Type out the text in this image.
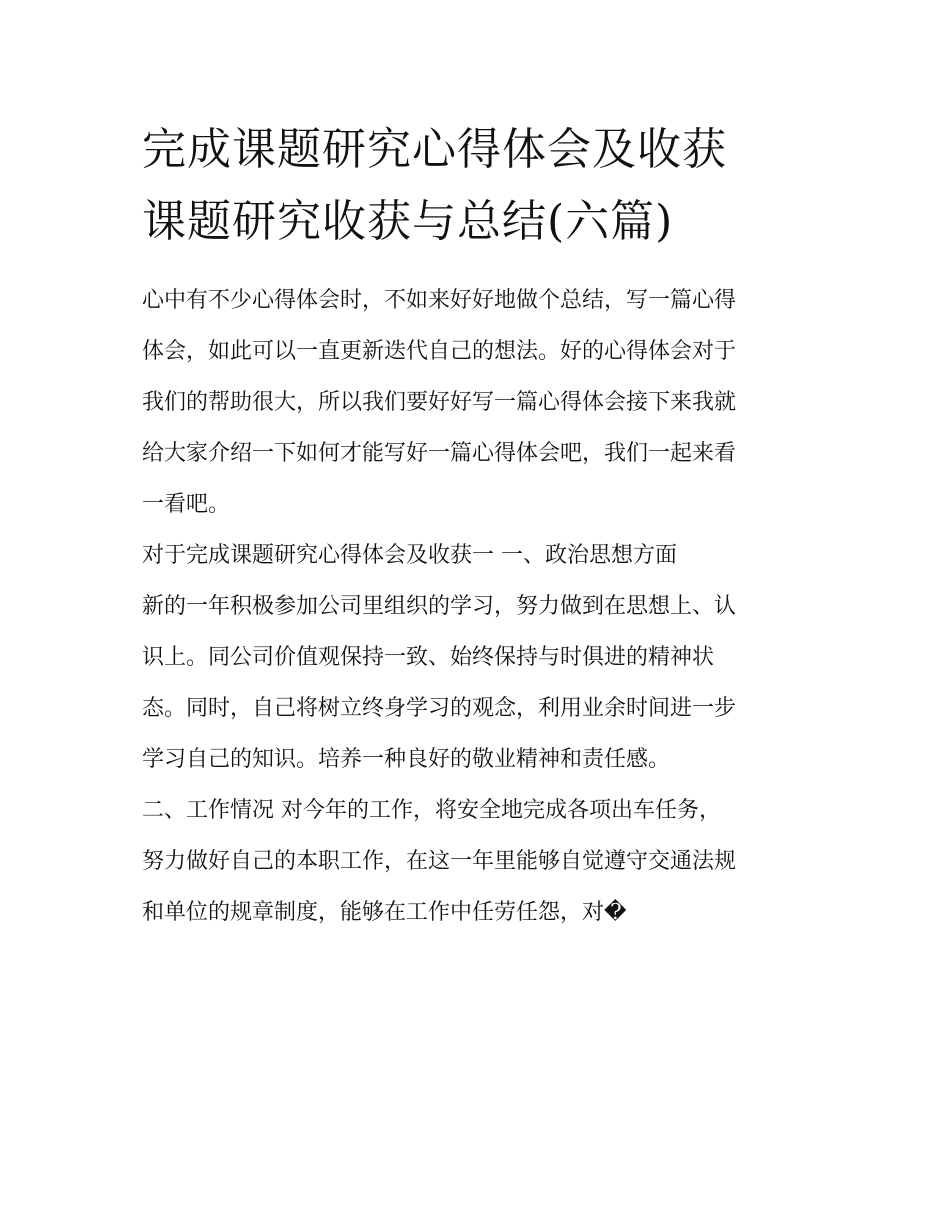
完成课题研究心得体会及收获
课题研究收获与总结(六篇)
心中有不少心得体会时，不如来好好地做个总结，写一篇心得
体会，如此可以一直更新迭代自己的想法。好的心得体会对于
我们的帮助很大，所以我们要好好写一篇心得体会接下来我就
给大家介绍一下如何才能写好一篇心得体会吧，我们一起来看
一看吧。
对于完成课题研究心得体会及收获一 一、政治思想方面
新的一年积极参加公司里组织的学习，努力做到在思想上、认
识上。同公司价值观保持一致、始终保持与时俱进的精神状
态。同时，自己将树立终身学习的观念，利用业余时间进一步
学习自己的知识。培养一种良好的敬业精神和责任感。
二、工作情况 对今年的工作，将安全地完成各项出车任务，
努力做好自己的本职工作，在这一年里能够自觉遵守交通法规
和单位的规章制度，能够在工作中任劳任怨，对�
